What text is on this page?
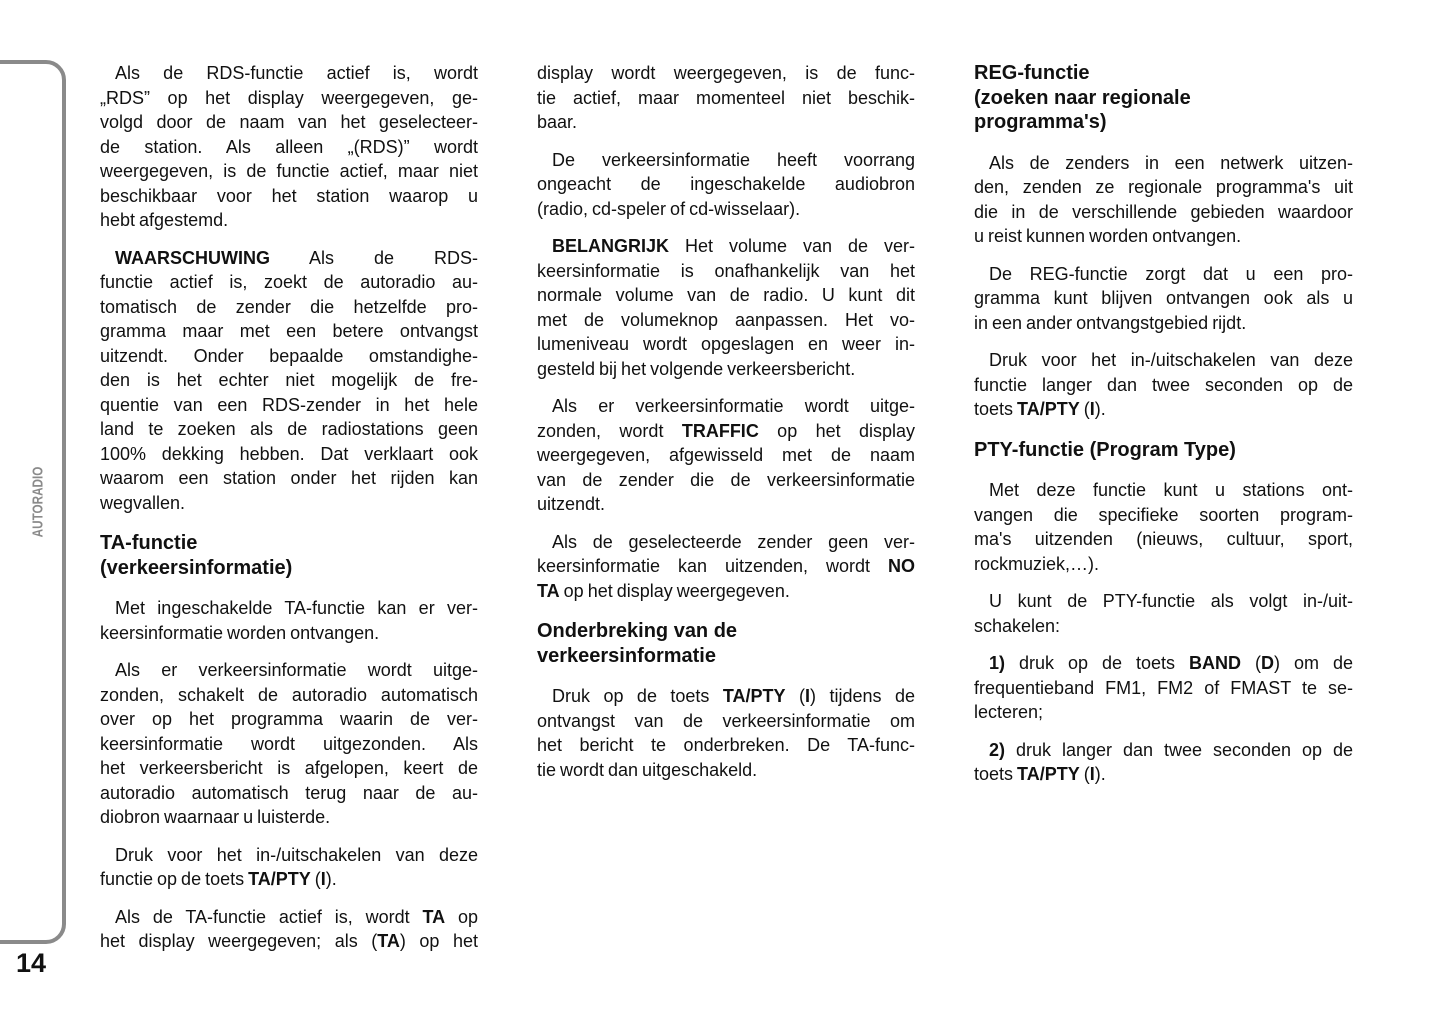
AUTORADIO
14
Als de RDS-functie actief is, wordt
„RDS” op het display weergegeven, ge-
volgd door de naam van het geselecteer-
de station. Als alleen „(RDS)” wordt
weergegeven, is de functie actief, maar niet
beschikbaar voor het station waarop u
hebt afgestemd.
WAARSCHUWING Als de RDS-
functie actief is, zoekt de autoradio au-
tomatisch de zender die hetzelfde pro-
gramma maar met een betere ontvangst
uitzendt. Onder bepaalde omstandighe-
den is het echter niet mogelijk de fre-
quentie van een RDS-zender in het hele
land te zoeken als de radiostations geen
100% dekking hebben. Dat verklaart ook
waarom een station onder het rijden kan
wegvallen.
TA-functie
(verkeersinformatie)
Met ingeschakelde TA-functie kan er ver-
keersinformatie worden ontvangen.
Als er verkeersinformatie wordt uitge-
zonden, schakelt de autoradio automatisch
over op het programma waarin de ver-
keersinformatie wordt uitgezonden. Als
het verkeersbericht is afgelopen, keert de
autoradio automatisch terug naar de au-
diobron waarnaar u luisterde.
Druk voor het in-/uitschakelen van deze
functie op de toets TA/PTY (I).
Als de TA-functie actief is, wordt TA op
het display weergegeven; als (TA) op het
display wordt weergegeven, is de func-
tie actief, maar momenteel niet beschik-
baar.
De verkeersinformatie heeft voorrang
ongeacht de ingeschakelde audiobron
(radio, cd-speler of cd-wisselaar).
BELANGRIJK Het volume van de ver-
keersinformatie is onafhankelijk van het
normale volume van de radio. U kunt dit
met de volumeknop aanpassen. Het vo-
lumeniveau wordt opgeslagen en weer in-
gesteld bij het volgende verkeersbericht.
Als er verkeersinformatie wordt uitge-
zonden, wordt TRAFFIC op het display
weergegeven, afgewisseld met de naam
van de zender die de verkeersinformatie
uitzendt.
Als de geselecteerde zender geen ver-
keersinformatie kan uitzenden, wordt NO
TA op het display weergegeven.
Onderbreking van de
verkeersinformatie
Druk op de toets TA/PTY (I) tijdens de
ontvangst van de verkeersinformatie om
het bericht te onderbreken. De TA-func-
tie wordt dan uitgeschakeld.
REG-functie
(zoeken naar regionale
programma's)
Als de zenders in een netwerk uitzen-
den, zenden ze regionale programma's uit
die in de verschillende gebieden waardoor
u reist kunnen worden ontvangen.
De REG-functie zorgt dat u een pro-
gramma kunt blijven ontvangen ook als u
in een ander ontvangstgebied rijdt.
Druk voor het in-/uitschakelen van deze
functie langer dan twee seconden op de
toets TA/PTY (I).
PTY-functie (Program Type)
Met deze functie kunt u stations ont-
vangen die specifieke soorten program-
ma's uitzenden (nieuws, cultuur, sport,
rockmuziek,…).
U kunt de PTY-functie als volgt in-/uit-
schakelen:
1) druk op de toets BAND (D) om de
frequentieband FM1, FM2 of FMAST te se-
lecteren;
2) druk langer dan twee seconden op de
toets TA/PTY (I).
